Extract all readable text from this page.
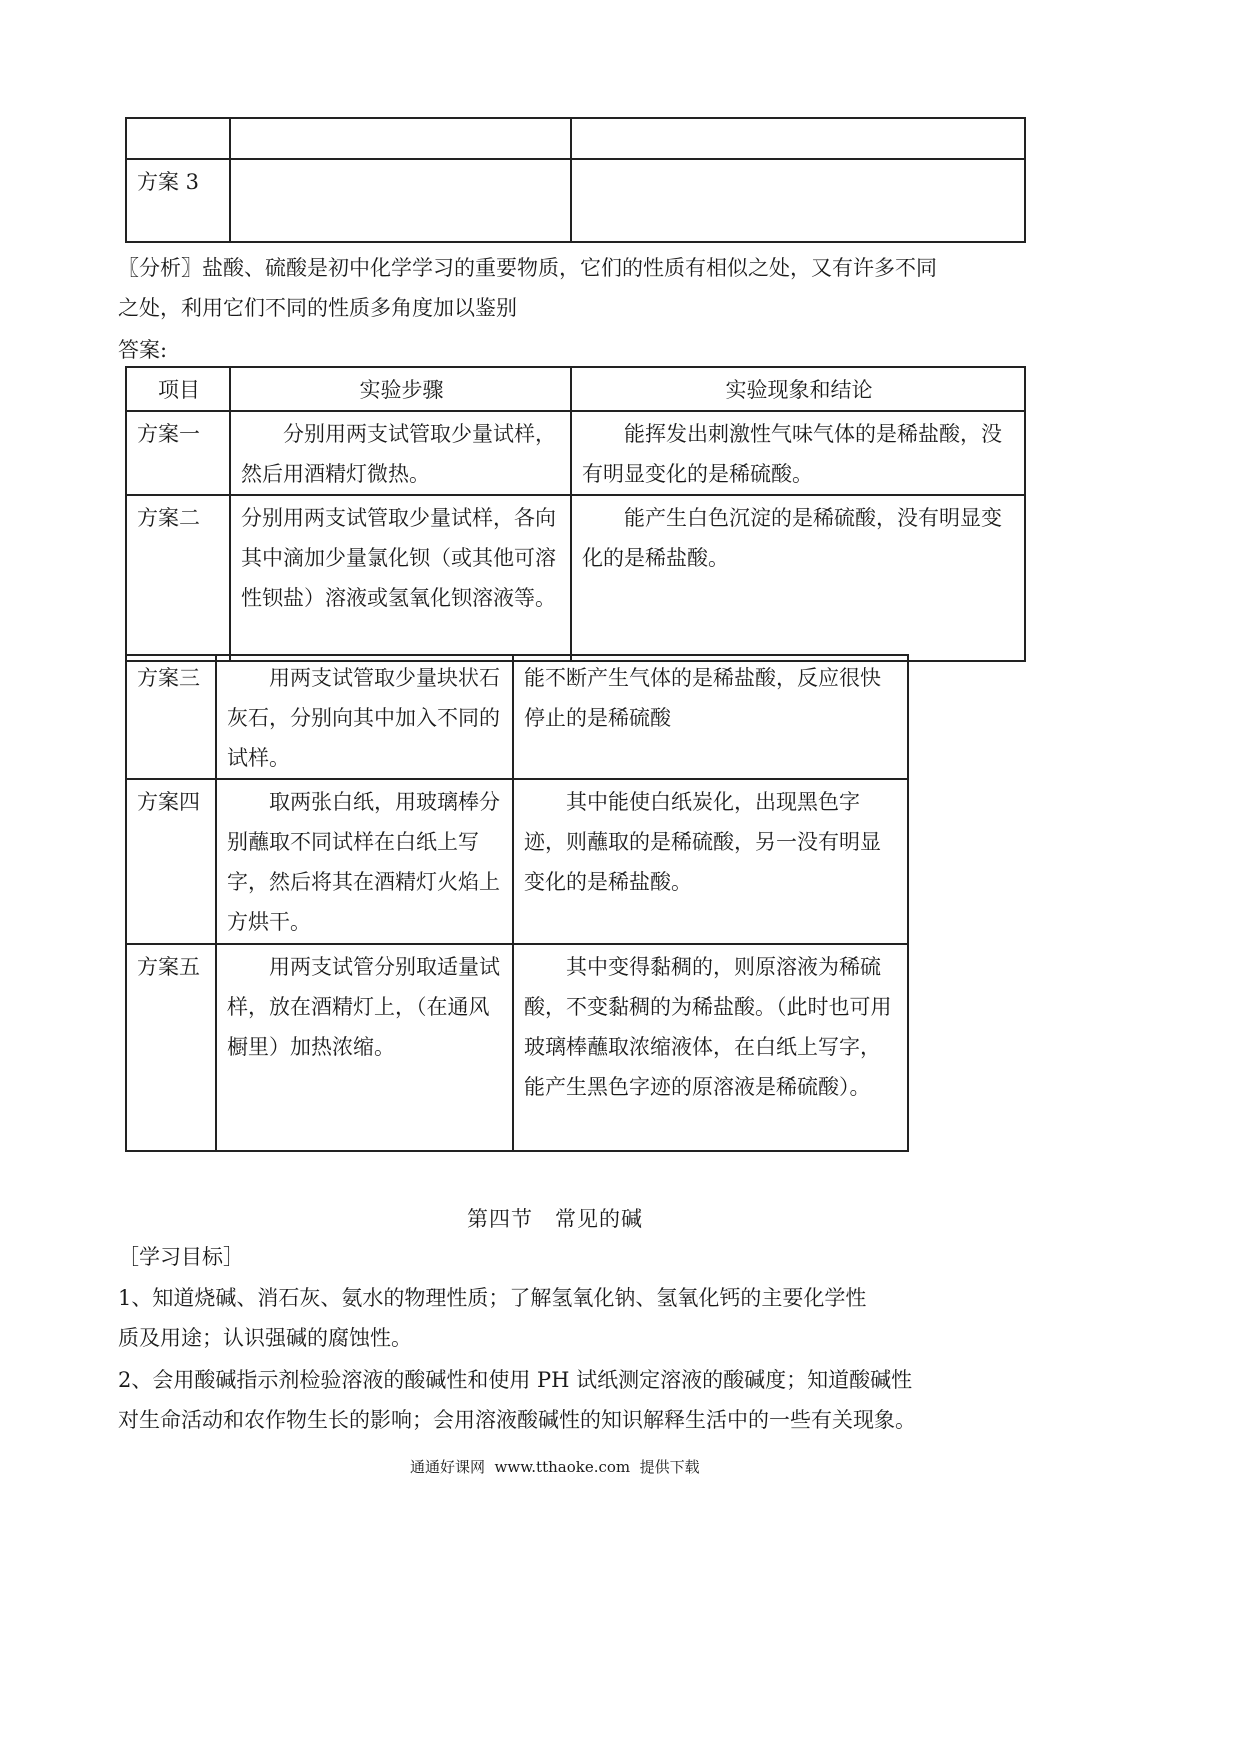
方案 3		
〖分析〗盐酸、硫酸是初中化学学习的重要物质，它们的性质有相似之处，又有许多不同
之处，利用它们不同的性质多角度加以鉴别
答案:
项目	实验步骤	实验现象和结论
方案一	分别用两支试管取少量试样，然后用酒精灯微热。	能挥发出刺激性气味气体的是稀盐酸，没有明显变化的是稀硫酸。
方案二	分别用两支试管取少量试样，各向其中滴加少量氯化钡（或其他可溶性钡盐）溶液或氢氧化钡溶液等。	能产生白色沉淀的是稀硫酸，没有明显变化的是稀盐酸。
方案三	用两支试管取少量块状石灰石，分别向其中加入不同的试样。	能不断产生气体的是稀盐酸，反应很快停止的是稀硫酸
方案四	取两张白纸，用玻璃棒分别蘸取不同试样在白纸上写字，然后将其在酒精灯火焰上方烘干。	其中能使白纸炭化，出现黑色字迹，则蘸取的是稀硫酸，另一没有明显变化的是稀盐酸。
方案五	用两支试管分别取适量试样，放在酒精灯上，（在通风橱里）加热浓缩。	其中变得黏稠的，则原溶液为稀硫酸，不变黏稠的为稀盐酸。（此时也可用玻璃棒蘸取浓缩液体，在白纸上写字，能产生黑色字迹的原溶液是稀硫酸）。
第四节　常见的碱
［学习目标］
1、知道烧碱、消石灰、氨水的物理性质；了解氢氧化钠、氢氧化钙的主要化学性
质及用途；认识强碱的腐蚀性。
2、会用酸碱指示剂检验溶液的酸碱性和使用 PH 试纸测定溶液的酸碱度；知道酸碱性
对生命活动和农作物生长的影响；会用溶液酸碱性的知识解释生活中的一些有关现象。
通通好课网  www.tthaoke.com  提供下载
